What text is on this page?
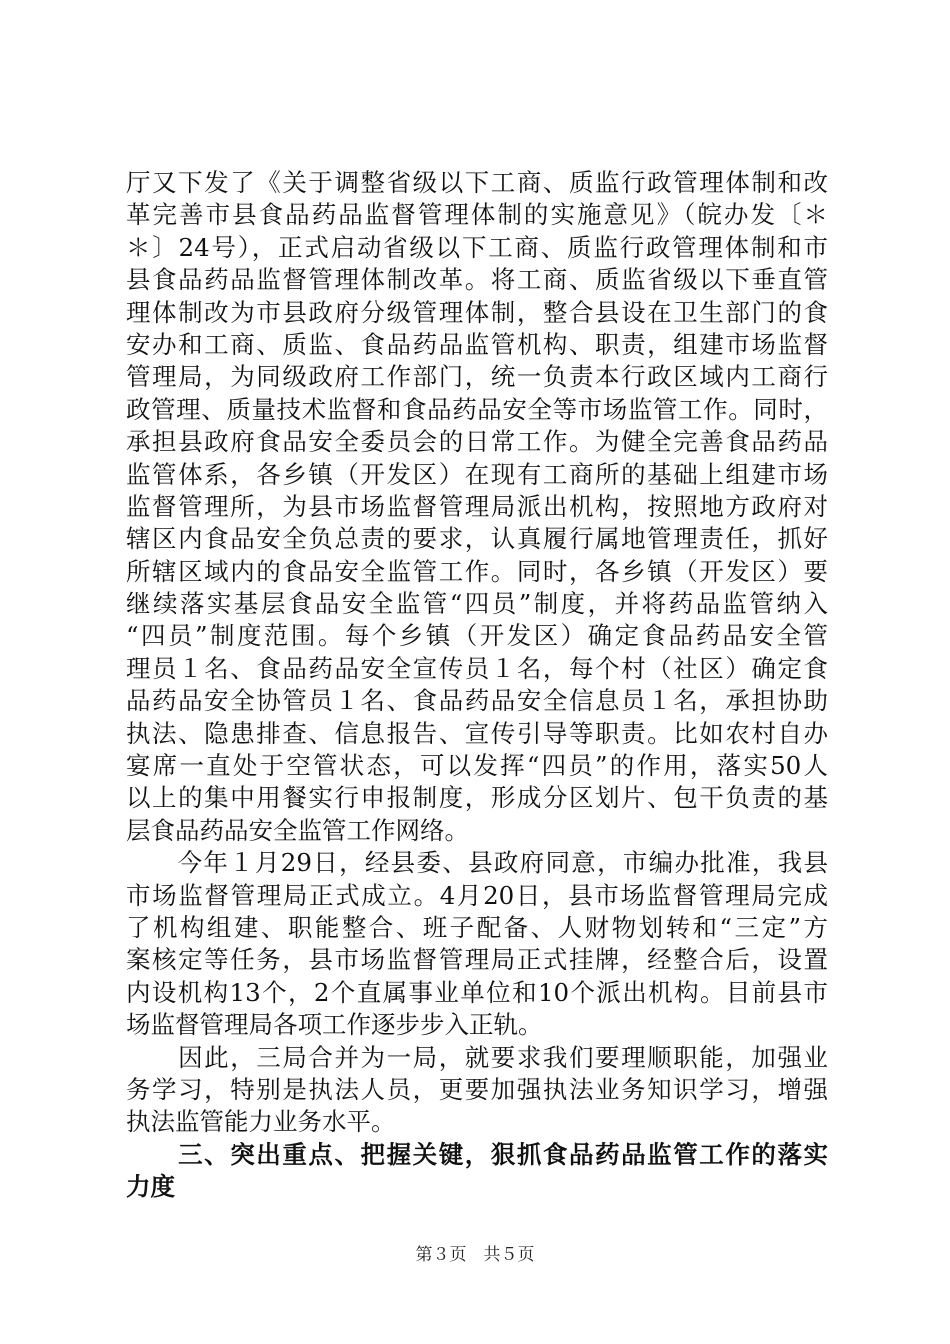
厅又下发了《关于调整省级以下工商、质监行政管理体制和改
革完善市县食品药品监督管理体制的实施意见》（皖办发〔＊
＊〕24号），正式启动省级以下工商、质监行政管理体制和市
县食品药品监督管理体制改革。将工商、质监省级以下垂直管
理体制改为市县政府分级管理体制，整合县设在卫生部门的食
安办和工商、质监、食品药品监管机构、职责，组建市场监督
管理局，为同级政府工作部门，统一负责本行政区域内工商行
政管理、质量技术监督和食品药品安全等市场监管工作。同时，
承担县政府食品安全委员会的日常工作。为健全完善食品药品
监管体系，各乡镇（开发区）在现有工商所的基础上组建市场
监督管理所，为县市场监督管理局派出机构，按照地方政府对
辖区内食品安全负总责的要求，认真履行属地管理责任，抓好
所辖区域内的食品安全监管工作。同时，各乡镇（开发区）要
继续落实基层食品安全监管“四员”制度，并将药品监管纳入
“四员”制度范围。每个乡镇（开发区）确定食品药品安全管
理员１名、食品药品安全宣传员１名，每个村（社区）确定食
品药品安全协管员１名、食品药品安全信息员１名，承担协助
执法、隐患排查、信息报告、宣传引导等职责。比如农村自办
宴席一直处于空管状态，可以发挥“四员”的作用，落实50人
以上的集中用餐实行申报制度，形成分区划片、包干负责的基
层食品药品安全监管工作网络。
　　今年１月29日，经县委、县政府同意，市编办批准，我县
市场监督管理局正式成立。4月20日，县市场监督管理局完成
了机构组建、职能整合、班子配备、人财物划转和“三定”方
案核定等任务，县市场监督管理局正式挂牌，经整合后，设置
内设机构13个，2个直属事业单位和10个派出机构。目前县市
场监督管理局各项工作逐步步入正轨。
　　因此，三局合并为一局，就要求我们要理顺职能，加强业
务学习，特别是执法人员，更要加强执法业务知识学习，增强
执法监管能力业务水平。
　　三、突出重点、把握关键，狠抓食品药品监管工作的落实
力度
第３页　共５页
